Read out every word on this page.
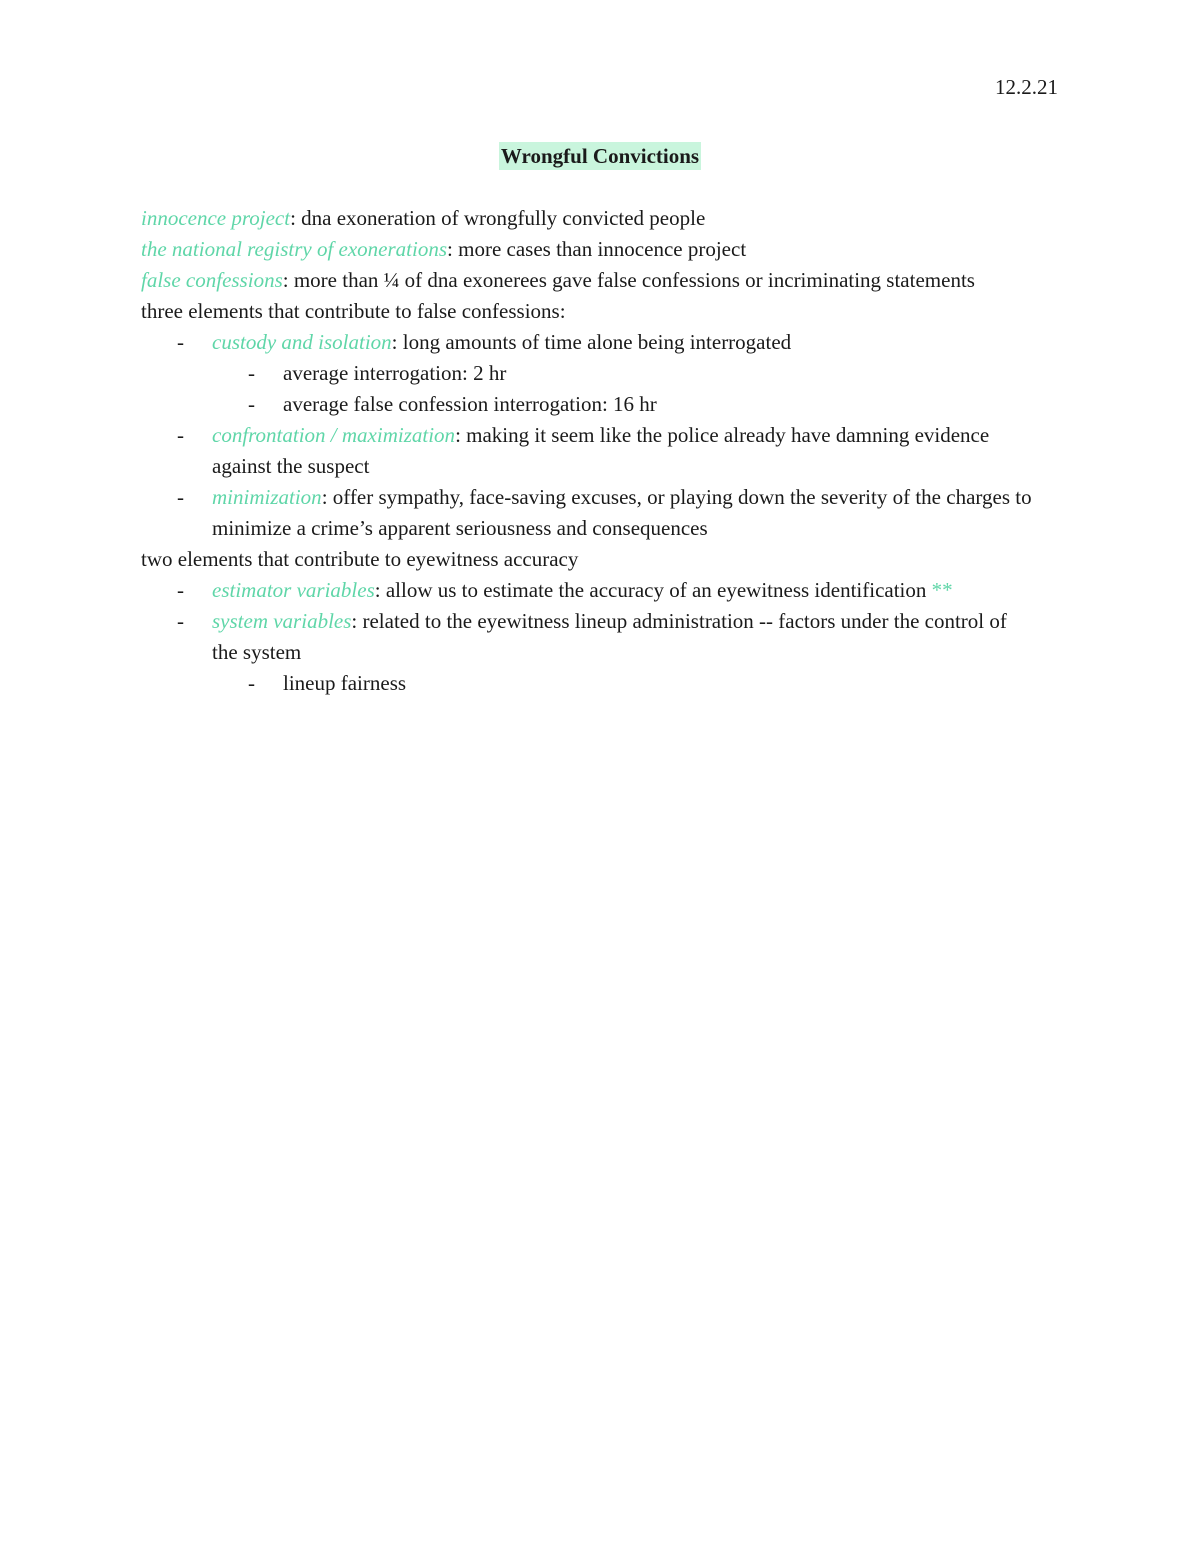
12.2.21
Wrongful Convictions
innocence project: dna exoneration of wrongfully convicted people
the national registry of exonerations: more cases than innocence project
false confessions: more than ¼ of dna exonerees gave false confessions or incriminating statements
three elements that contribute to false confessions:
- custody and isolation: long amounts of time alone being interrogated
- average interrogation: 2 hr
- average false confession interrogation: 16 hr
- confrontation / maximization: making it seem like the police already have damning evidence against the suspect
- minimization: offer sympathy, face-saving excuses, or playing down the severity of the charges to minimize a crime’s apparent seriousness and consequences
two elements that contribute to eyewitness accuracy
- estimator variables: allow us to estimate the accuracy of an eyewitness identification **
- system variables: related to the eyewitness lineup administration -- factors under the control of the system
- lineup fairness
